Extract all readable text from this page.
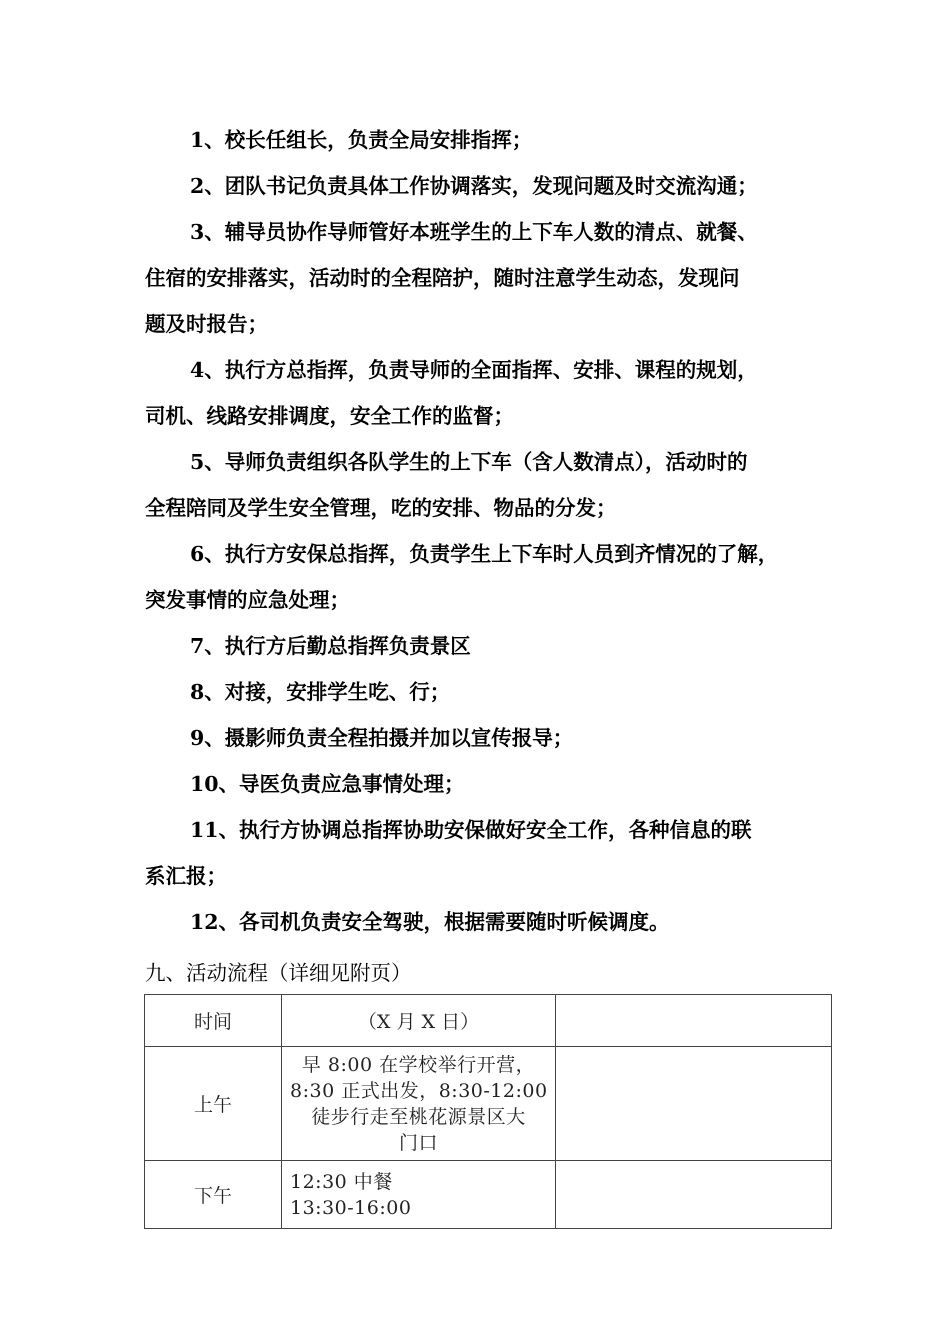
1、校长任组长，负责全局安排指挥；
2、团队书记负责具体工作协调落实，发现问题及时交流沟通；
3、辅导员协作导师管好本班学生的上下车人数的清点、就餐、
住宿的安排落实，活动时的全程陪护，随时注意学生动态，发现问
题及时报告；
4、执行方总指挥，负责导师的全面指挥、安排、课程的规划，
司机、线路安排调度，安全工作的监督；
5、导师负责组织各队学生的上下车（含人数清点），活动时的
全程陪同及学生安全管理，吃的安排、物品的分发；
6、执行方安保总指挥，负责学生上下车时人员到齐情况的了解，
突发事情的应急处理；
7、执行方后勤总指挥负责景区
8、对接，安排学生吃、行；
9、摄影师负责全程拍摄并加以宣传报导；
10、导医负责应急事情处理；
11、执行方协调总指挥协助安保做好安全工作，各种信息的联
系汇报；
12、各司机负责安全驾驶，根据需要随时听候调度。
九、活动流程（详细见附页）
时间	（X 月 X 日）	
上午	早 8:00 在学校举行开营，
8:30 正式出发，8:30-12:00
徒步行走至桃花源景区大
门口	

下午	12:30 中餐
13:30-16:00	
